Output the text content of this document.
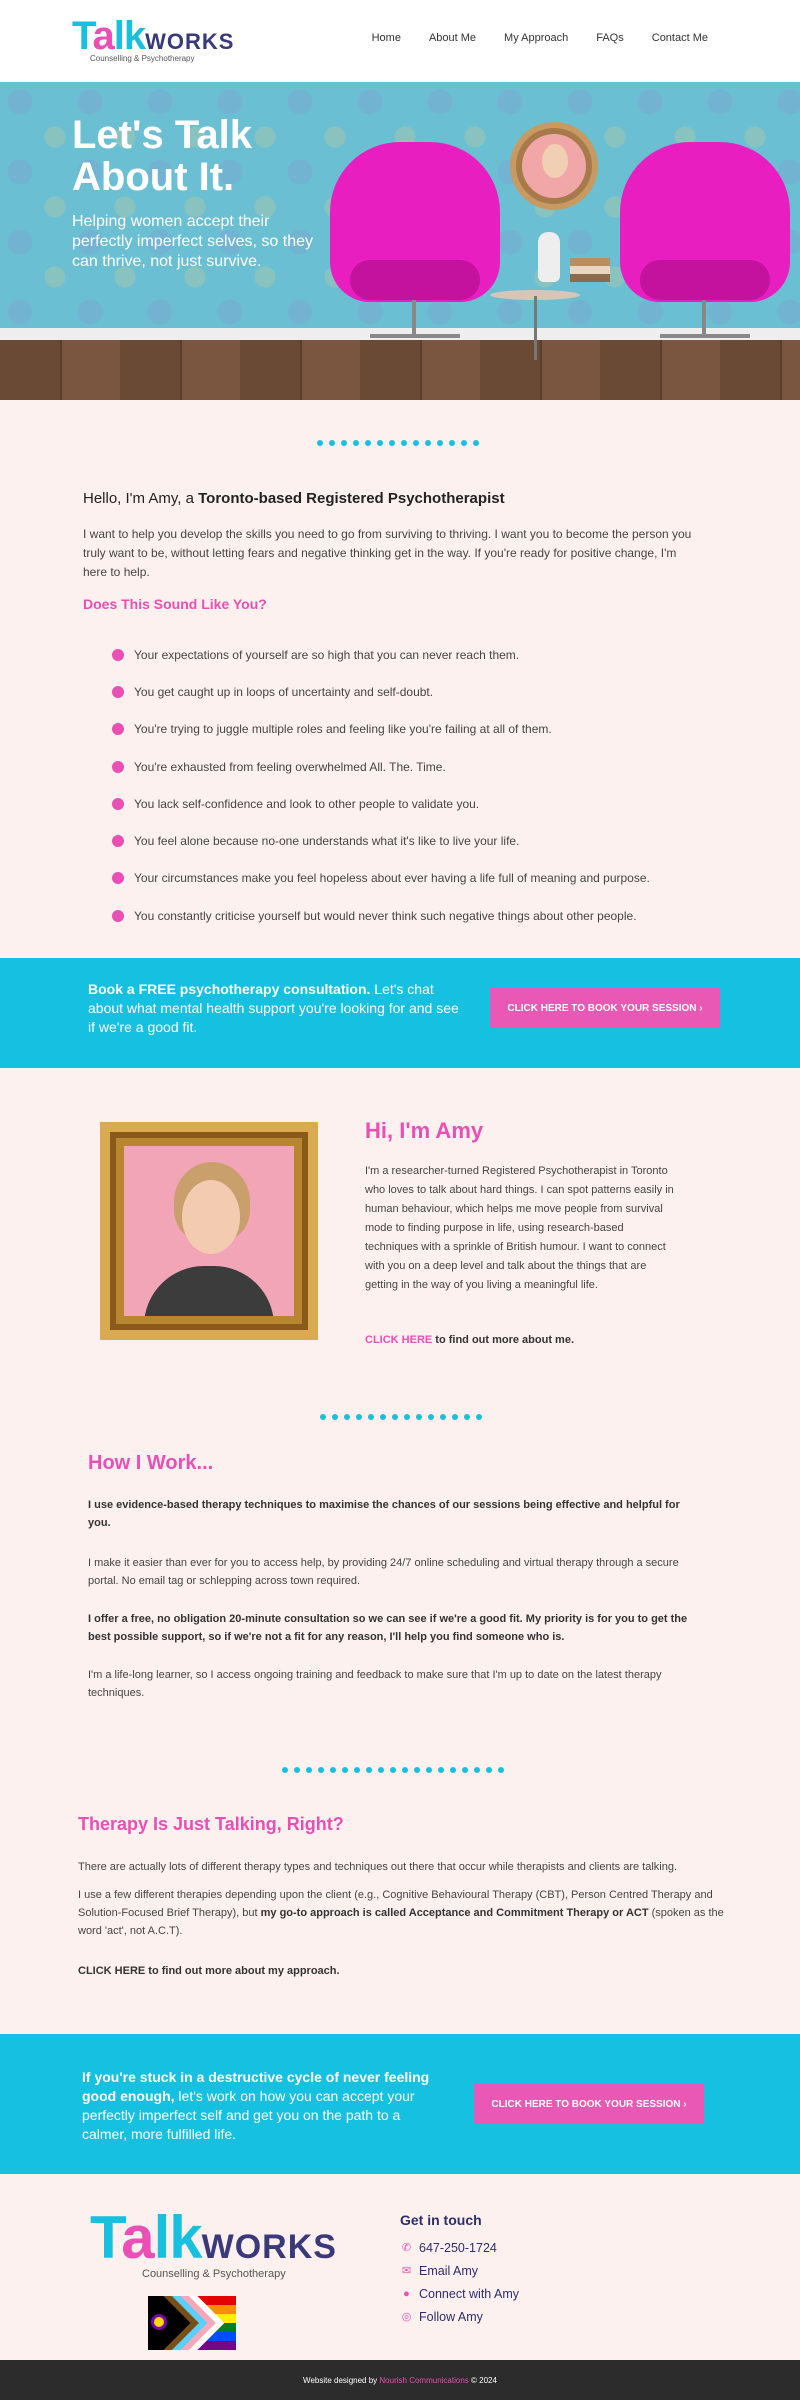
TalkWORKS
Counselling & Psychotherapy
Home	About Me	My Approach	FAQs	Contact Me
Let's Talk About It.

Helping women accept their perfectly imperfect selves, so they can thrive, not just survive.

Hello, I'm Amy, a Toronto-based Registered Psychotherapist

I want to help you develop the skills you need to go from surviving to thriving. I want you to become the person you truly want to be, without letting fears and negative thinking get in the way. If you're ready for positive change, I'm here to help.

Does This Sound Like You?
Your expectations of yourself are so high that you can never reach them.
You get caught up in loops of uncertainty and self-doubt.
You're trying to juggle multiple roles and feeling like you're failing at all of them.
You're exhausted from feeling overwhelmed All. The. Time.
You lack self-confidence and look to other people to validate you.
You feel alone because no-one understands what it's like to live your life.
Your circumstances make you feel hopeless about ever having a life full of meaning and purpose.
You constantly criticise yourself but would never think such negative things about other people.

Book a FREE psychotherapy consultation. Let's chat about what mental health support you're looking for and see if we're a good fit.

CLICK HERE TO BOOK YOUR SESSION ›
Hi, I'm Amy

I'm a researcher-turned Registered Psychotherapist in Toronto who loves to talk about hard things. I can spot patterns easily in human behaviour, which helps me move people from survival mode to finding purpose in life, using research-based techniques with a sprinkle of British humour. I want to connect with you on a deep level and talk about the things that are getting in the way of you living a meaningful life.

CLICK HERE to find out more about me.

How I Work...

I use evidence-based therapy techniques to maximise the chances of our sessions being effective and helpful for you.

I make it easier than ever for you to access help, by providing 24/7 online scheduling and virtual therapy through a secure portal. No email tag or schlepping across town required.

I offer a free, no obligation 20-minute consultation so we can see if we're a good fit. My priority is for you to get the best possible support, so if we're not a fit for any reason, I'll help you find someone who is.

I'm a life-long learner, so I access ongoing training and feedback to make sure that I'm up to date on the latest therapy techniques.

Therapy Is Just Talking, Right?

There are actually lots of different therapy types and techniques out there that occur while therapists and clients are talking.

I use a few different therapies depending upon the client (e.g., Cognitive Behavioural Therapy (CBT), Person Centred Therapy and Solution-Focused Brief Therapy), but my go-to approach is called Acceptance and Commitment Therapy or ACT (spoken as the word 'act', not A.C.T).

CLICK HERE to find out more about my approach.

If you're stuck in a destructive cycle of never feeling good enough, let's work on how you can accept your perfectly imperfect self and get you on the path to a calmer, more fulfilled life.

CLICK HERE TO BOOK YOUR SESSION ›
TalkWORKS
Counselling & Psychotherapy
Get in touch
✆ 647-250-1724
✉ Email Amy
● Connect with Amy
◎ Follow Amy
Website designed by
Nourish Communications
© 2024
